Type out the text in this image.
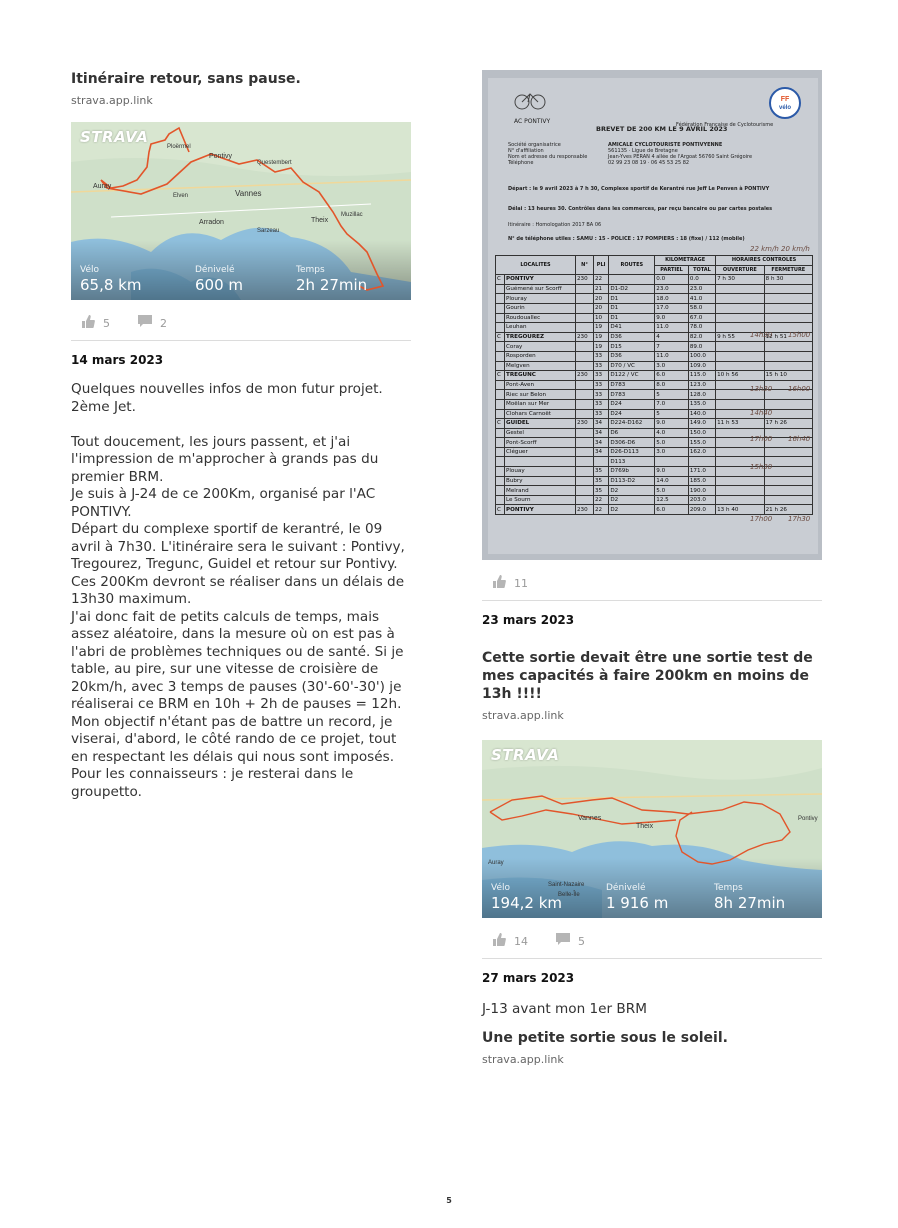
Itinéraire retour, sans pause.
strava.app.link
Pontivy
Auray
Vannes
Questembert
Arradon
Sarzeau
Muzillac
Elven
Theix
Ploërmel
STRAVA
Vélo
65,8 km
Dénivelé
600 m
Temps
2h 27min
5	2
14 mars 2023

Quelques nouvelles infos de mon futur projet.

2ème Jet.

Tout doucement, les jours passent, et j'ai l'impression de m'approcher à grands pas du premier BRM.

Je suis à J-24 de ce 200Km, organisé par l'AC PONTIVY.

Départ du complexe sportif de kerantré, le 09 avril à 7h30. L'itinéraire sera le suivant : Pontivy, Tregourez, Tregunc, Guidel et retour sur Pontivy. Ces 200Km devront se réaliser dans un délais de 13h30 maximum.

J'ai donc fait de petits calculs de temps, mais assez aléatoire, dans la mesure où on est pas à l'abri de problèmes techniques ou de santé. Si je table, au pire, sur une vitesse de croisière de 20km/h, avec 3 temps de pauses (30'-60'-30') je réaliserai ce BRM en 10h + 2h de pauses = 12h.

Mon objectif n'étant pas de battre un record, je viserai, d'abord, le côté rando de ce projet, tout en respectant les délais qui nous sont imposés.

Pour les connaisseurs : je resterai dans le groupetto.

AC PONTIVY
FF
vélo
Fédération Française de Cyclotourisme
BREVET DE 200 KM LE 9 AVRIL 2023
Société organisatrice
N° d'affiliation
Nom et adresse du responsable
Téléphone
AMICALE CYCLOTOURISTE PONTIVYENNE
561135 · Ligue de Bretagne
Jean-Yves PERAN 4 allée de l'Argoat 56760 Saint Grégoire
02 99 23 08 19 · 06 45 53 25 82
Départ : le 9 avril 2023 à 7 h 30, Complexe sportif de Kerantré rue Jeff Le Penven à PONTIVY
Délai : 13 heures 30. Contrôles dans les commerces, par reçu bancaire ou par cartes postales
Itinéraire : Homologation 2017 BA 06
N° de téléphone utiles : SAMU : 15 - POLICE : 17 POMPIERS : 18 (fixe) / 112 (mobile)
22 km/h 20 km/h
LOCALITES		N°	PLI	ROUTES	KILOMETRAGE		HORAIRES CONTROLES	
					PARTIEL	TOTAL	OUVERTURE	FERMETURE
C	PONTIVY	230	22		0.0	0.0	7 h 30	8 h 30
	Guémené sur Scorff		21	D1-D2	23.0	23.0		
	Plouray		20	D1	18.0	41.0		
	Gourin		20	D1	17.0	58.0		
	Roudouallec		10	D1	9.0	67.0		
	Leuhan		19	D41	11.0	78.0		
C	TREGOUREZ	230	19	D36	4	82.0	9 h 55	12 h 51
	Coray		19	D15	7	89.0		
	Rosporden		33	D36	11.0	100.0		
	Melgven		33	D70 / VC	3.0	109.0		
C	TREGUNC	230	33	D122 / VC	6.0	115.0	10 h 56	15 h 10
	Pont-Aven		33	D783	8.0	123.0		
	Riec sur Belon		33	D783	5	128.0		
	Moëlan sur Mer		33	D24	7.0	135.0		
	Clohars Carnoët		33	D24	5	140.0		
C	GUIDEL	230	34	D224-D162	9.0	149.0	11 h 53	17 h 26
	Gestel		34	D6	4.0	150.0		
	Pont-Scorff		34	D306-D6	5.0	155.0		
	Cléguer		34	D26-D113	3.0	162.0		
				D113				
	Plouay		35	D769b	9.0	171.0		
	Bubry		35	D113-D2	14.0	185.0		
	Melrand		35	D2	5.0	190.0		
	Le Sourn		22	D2	12.5	203.0		
C	PONTIVY	230	22	D2	6.0	209.0	13 h 40	21 h 26
14h30
13h30
15h00
14h40
16h00
17h00
15h30
16h40
17h00 17h30
11
23 mars 2023
Cette sortie devait être une sortie test de mes capacités à faire 200km en moins de 13h !!!!
strava.app.link
Vannes
Theix
Pontivy
Auray
Saint-Nazaire
Belle-Île
STRAVA
Vélo
194,2 km
Dénivelé
1 916 m
Temps
8h 27min
14	5
27 mars 2023
J-13 avant mon 1er BRM
Une petite sortie sous le soleil.
strava.app.link
5
